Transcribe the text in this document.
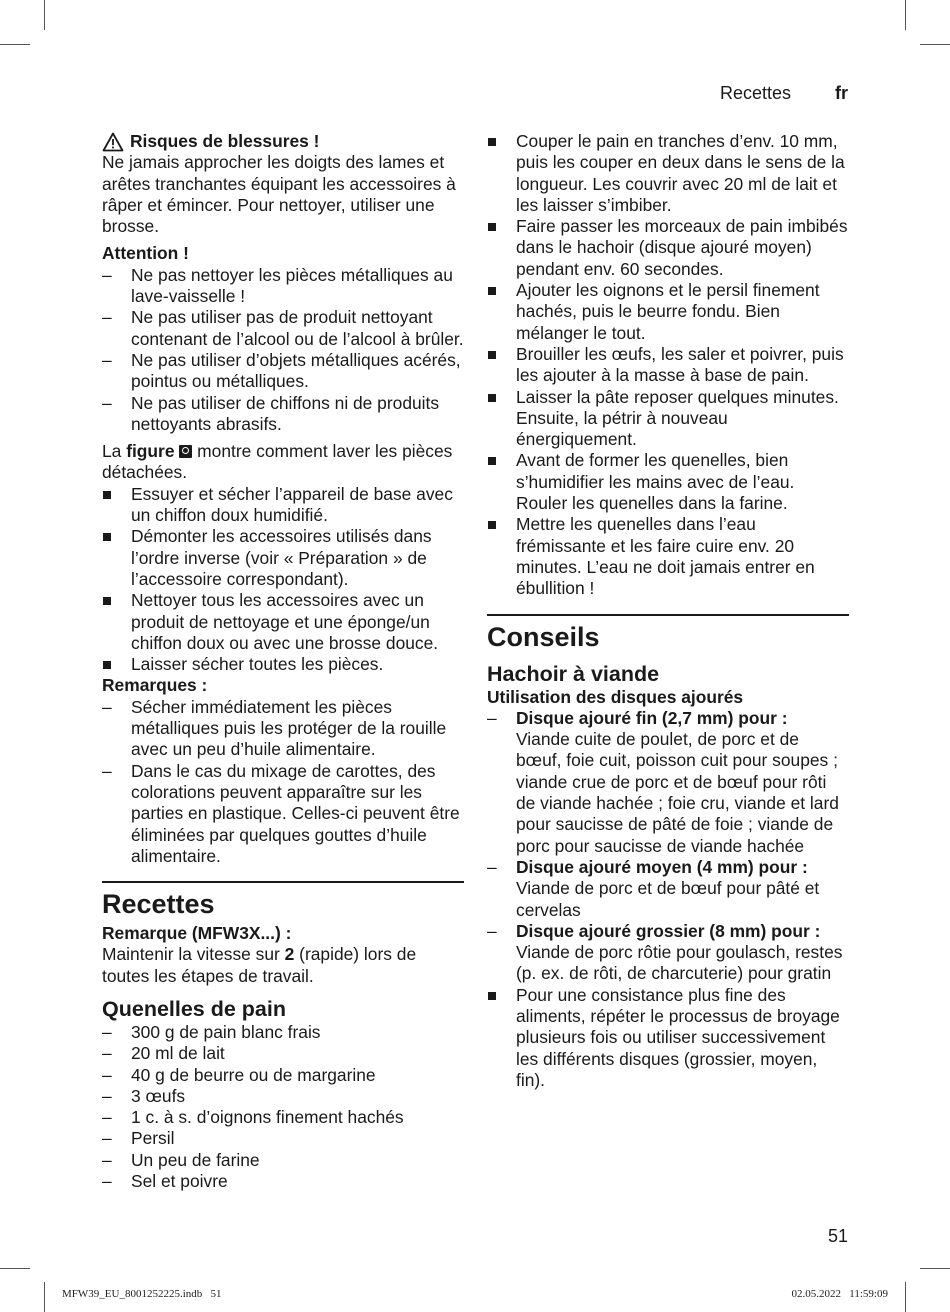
Recettes fr
Risques de blessures !

Ne jamais approcher les doigts des lames et arêtes tranchantes équipant les accessoires à râper et émincer. Pour nettoyer, utiliser une brosse.

Attention !

–	Ne pas nettoyer les pièces métalliques au lave-vaisselle !
–	Ne pas utiliser pas de produit nettoyant contenant de l’alcool ou de l’alcool à brûler.
–	Ne pas utiliser d’objets métalliques acérés, pointus ou métalliques.
–	Ne pas utiliser de chiffons ni de produits nettoyants abrasifs.

La figure  montre comment laver les pièces détachées.

Essuyer et sécher l’appareil de base avec un chiffon doux humidifié.
Démonter les accessoires utilisés dans l’ordre inverse (voir « Préparation » de l’accessoire correspondant).
Nettoyer tous les accessoires avec un produit de nettoyage et une éponge/un chiffon doux ou avec une brosse douce.
Laisser sécher toutes les pièces.

Remarques :

–	Sécher immédiatement les pièces métalliques puis les protéger de la rouille avec un peu d’huile alimentaire.
–	Dans le cas du mixage de carottes, des colorations peuvent apparaître sur les parties en plastique. Celles-ci peuvent être éliminées par quelques gouttes d’huile alimentaire.
Recettes

Remarque (MFW3X...) :

Maintenir la vitesse sur 2 (rapide) lors de toutes les étapes de travail.

Quenelles de pain
–	300 g de pain blanc frais
–	20 ml de lait
–	40 g de beurre ou de margarine
–	3 œufs
–	1 c. à s. d’oignons finement hachés
–	Persil
–	Un peu de farine
–	Sel et poivre
Couper le pain en tranches d’env. 10 mm, puis les couper en deux dans le sens de la longueur. Les couvrir avec 20 ml de lait et les laisser s’imbiber.
Faire passer les morceaux de pain imbibés dans le hachoir (disque ajouré moyen) pendant env. 60 secondes.
Ajouter les oignons et le persil finement hachés, puis le beurre fondu. Bien mélanger le tout.
Brouiller les œufs, les saler et poivrer, puis les ajouter à la masse à base de pain.
Laisser la pâte reposer quelques minutes. Ensuite, la pétrir à nouveau énergiquement.
Avant de former les quenelles, bien s’humidifier les mains avec de l’eau. Rouler les quenelles dans la farine.
Mettre les quenelles dans l’eau frémissante et les faire cuire env. 20 minutes. L’eau ne doit jamais entrer en ébullition !
Conseils
Hachoir à viande

Utilisation des disques ajourés

–	Disque ajouré fin (2,7 mm) pour :
Viande cuite de poulet, de porc et de bœuf, foie cuit, poisson cuit pour soupes ; viande crue de porc et de bœuf pour rôti de viande hachée ; foie cru, viande et lard pour saucisse de pâté de foie ; viande de porc pour saucisse de viande hachée
–	Disque ajouré moyen (4 mm) pour :
Viande de porc et de bœuf pour pâté et cervelas
–	Disque ajouré grossier (8 mm) pour :
Viande de porc rôtie pour goulasch, restes (p. ex. de rôti, de charcuterie) pour gratin
Pour une consistance plus fine des aliments, répéter le processus de broyage plusieurs fois ou utiliser successivement les différents disques (grossier, moyen, fin).
51
MFW39_EU_8001252225.indb   51	02.05.2022   11:59:09
